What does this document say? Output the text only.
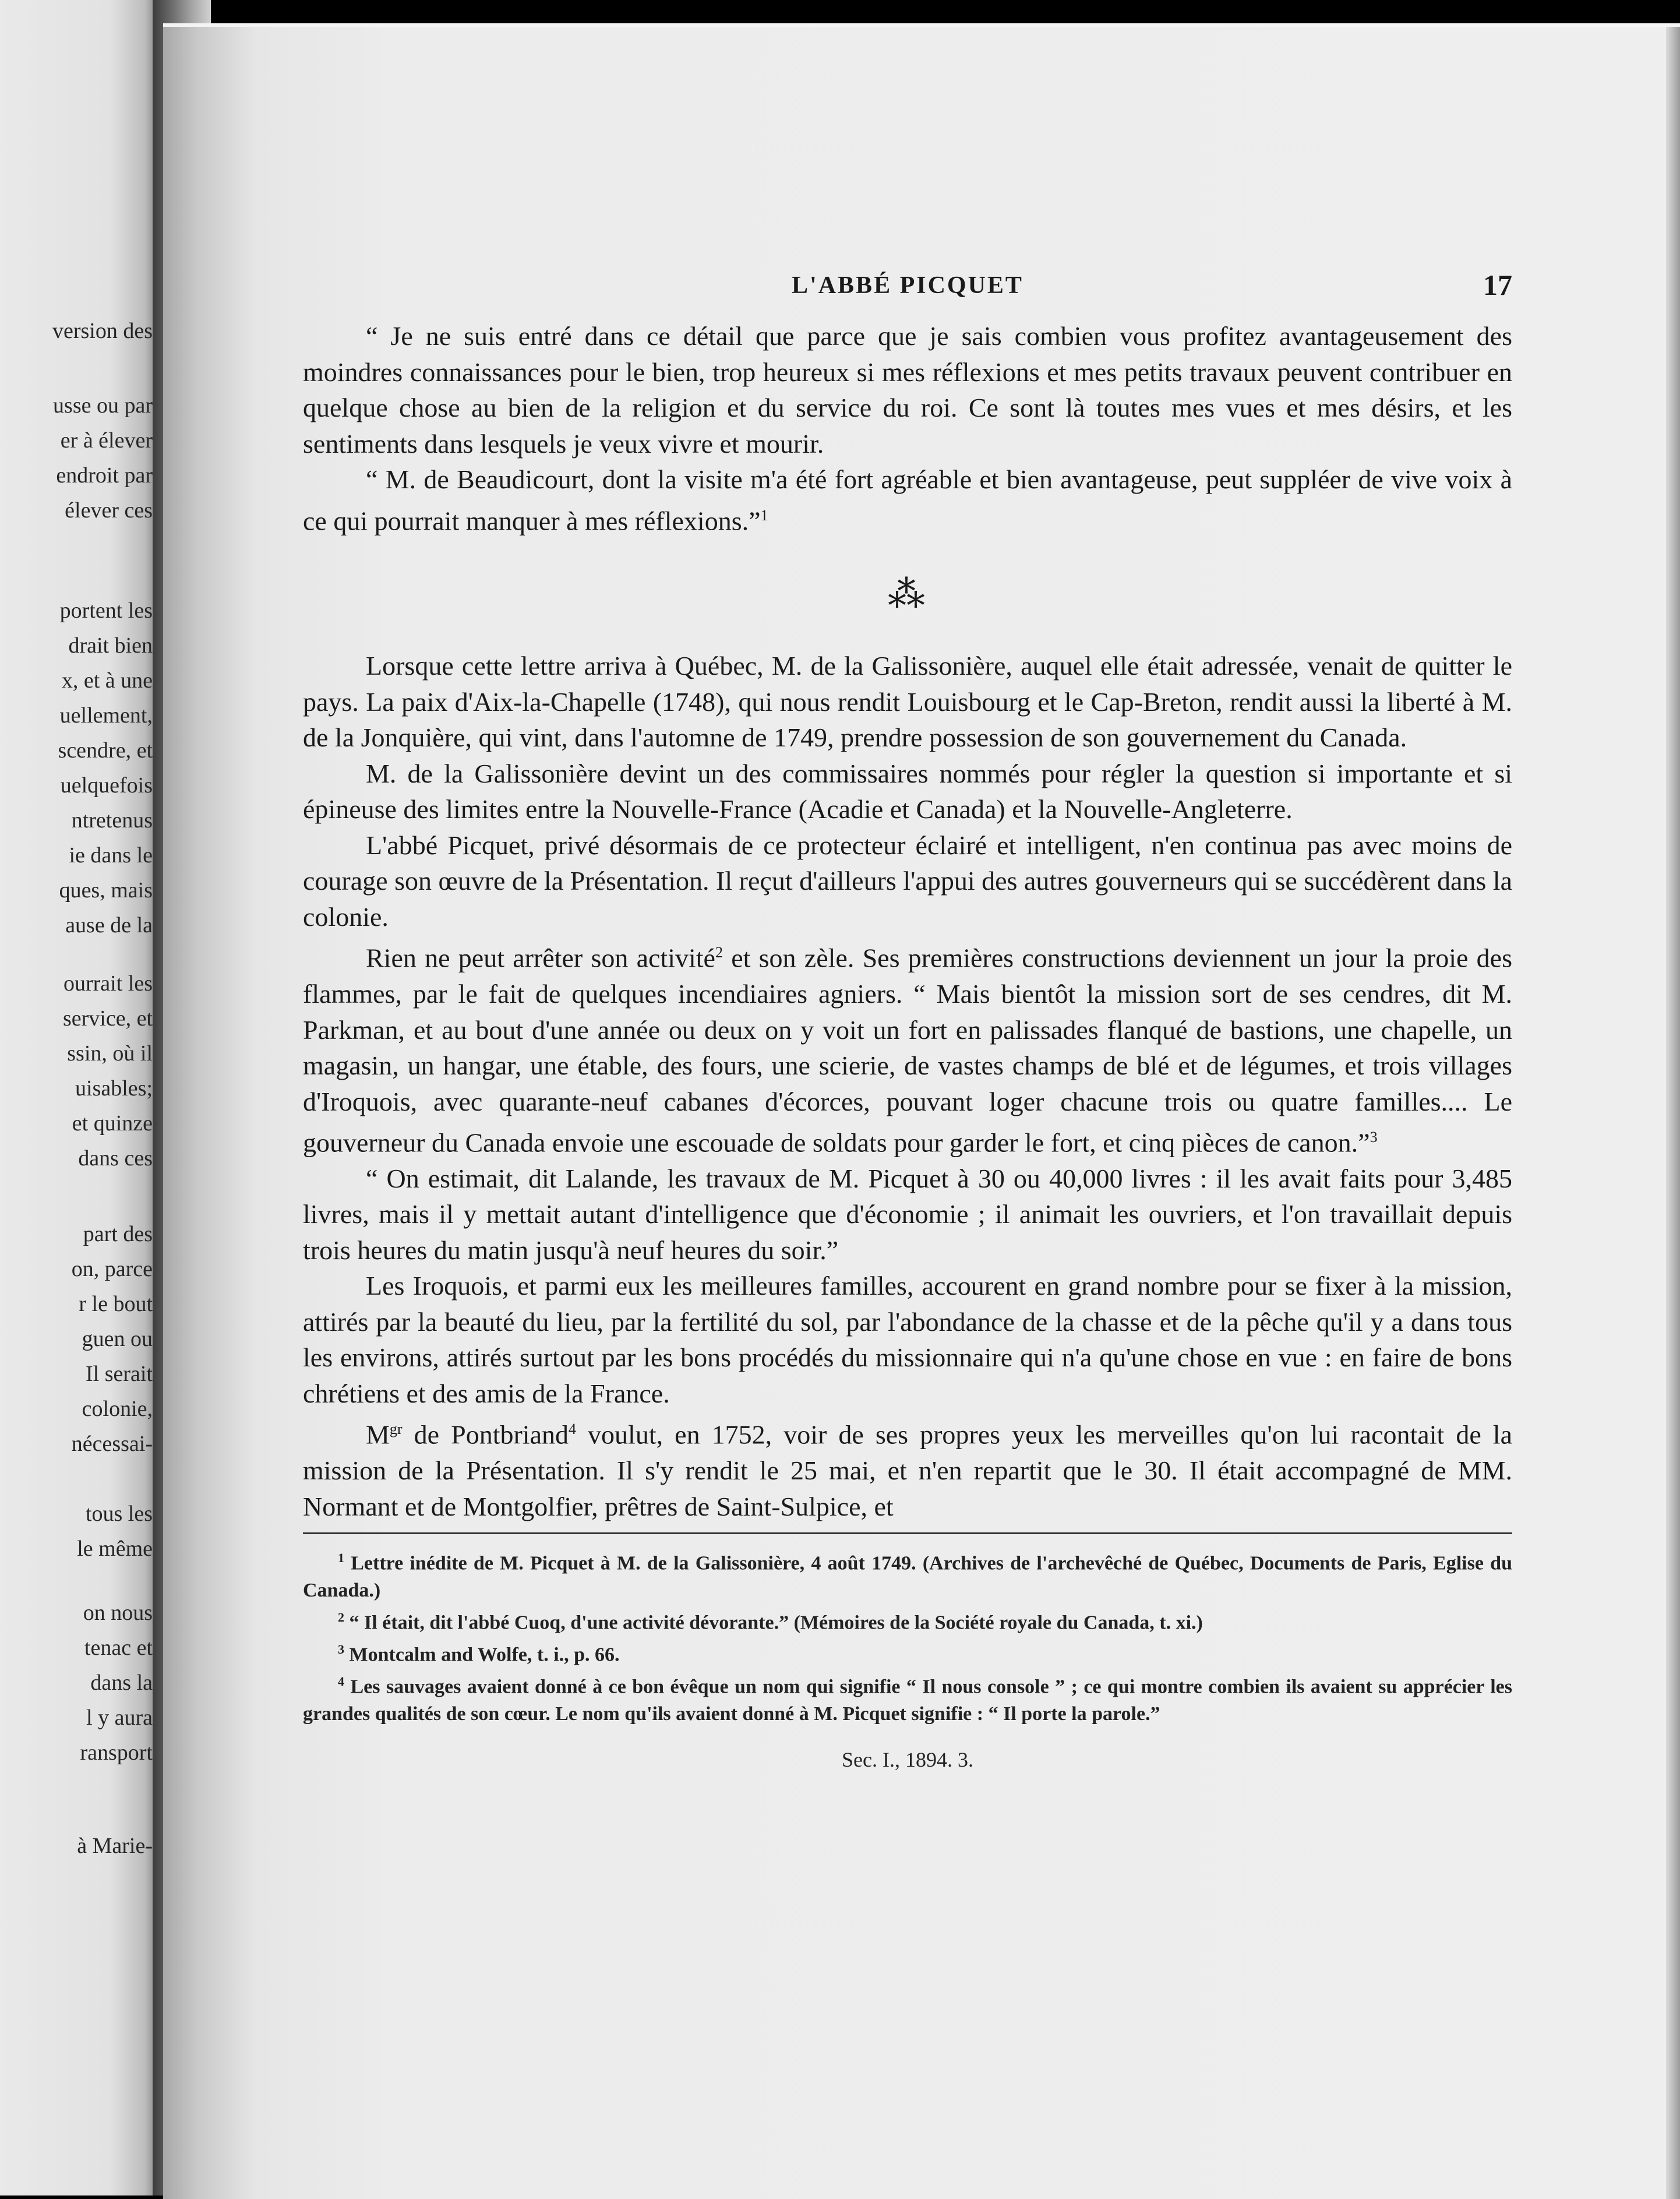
version des
usse ou par
er à élever
endroit par
élever ces
portent les
drait bien
x, et à une
uellement,
scendre, et
uelquefois
ntretenus
ie dans le
ques, mais
ause de la
ourrait les
service, et
ssin, où il
uisables;
et quinze
dans ces
part des
on, parce
r le bout
guen ou
Il serait
colonie,
nécessai-
tous les
le même
on nous
tenac et
dans la
l y aura
ransport
à Marie-
L'ABBÉ PICQUET	17

“ Je ne suis entré dans ce détail que parce que je sais combien vous profitez avantageusement des moindres connaissances pour le bien, trop heureux si mes réflexions et mes petits travaux peuvent contribuer en quelque chose au bien de la religion et du service du roi. Ce sont là toutes mes vues et mes désirs, et les sentiments dans lesquels je veux vivre et mourir.

“ M. de Beaudicourt, dont la visite m'a été fort agréable et bien avantageuse, peut suppléer de vive voix à ce qui pourrait manquer à mes réflexions.”$^1$

⁂

Lorsque cette lettre arriva à Québec, M. de la Galissonière, auquel elle était adressée, venait de quitter le pays. La paix d'Aix-la-Chapelle (1748), qui nous rendit Louisbourg et le Cap-Breton, rendit aussi la liberté à M. de la Jonquière, qui vint, dans l'automne de 1749, prendre possession de son gouvernement du Canada.

M. de la Galissonière devint un des commissaires nommés pour régler la question si importante et si épineuse des limites entre la Nouvelle-France (Acadie et Canada) et la Nouvelle-Angleterre.

L'abbé Picquet, privé désormais de ce protecteur éclairé et intelligent, n'en continua pas avec moins de courage son œuvre de la Présentation. Il reçut d'ailleurs l'appui des autres gouverneurs qui se succédèrent dans la colonie.

Rien ne peut arrêter son activité$^2$ et son zèle. Ses premières constructions deviennent un jour la proie des flammes, par le fait de quelques incendiaires agniers. “ Mais bientôt la mission sort de ses cendres, dit M. Parkman, et au bout d'une année ou deux on y voit un fort en palissades flanqué de bastions, une chapelle, un magasin, un hangar, une étable, des fours, une scierie, de vastes champs de blé et de légumes, et trois villages d'Iroquois, avec quarante-neuf cabanes d'écorces, pouvant loger chacune trois ou quatre familles.... Le gouverneur du Canada envoie une escouade de soldats pour garder le fort, et cinq pièces de canon.”$^3$

“ On estimait, dit Lalande, les travaux de M. Picquet à 30 ou 40,000 livres : il les avait faits pour 3,485 livres, mais il y mettait autant d'intelligence que d'économie ; il animait les ouvriers, et l'on travaillait depuis trois heures du matin jusqu'à neuf heures du soir.”

Les Iroquois, et parmi eux les meilleures familles, accourent en grand nombre pour se fixer à la mission, attirés par la beauté du lieu, par la fertilité du sol, par l'abondance de la chasse et de la pêche qu'il y a dans tous les environs, attirés surtout par les bons procédés du missionnaire qui n'a qu'une chose en vue : en faire de bons chrétiens et des amis de la France.

$M^{gr}$ de Pontbriand$^4$ voulut, en 1752, voir de ses propres yeux les merveilles qu'on lui racontait de la mission de la Présentation. Il s'y rendit le 25 mai, et n'en repartit que le 30. Il était accompagné de MM. Normant et de Montgolfier, prêtres de Saint-Sulpice, et

$^1$ Lettre inédite de M. Picquet à M. de la Galissonière, 4 août 1749. (Archives de l'archevêché de Québec, Documents de Paris, Eglise du Canada.)

$^2$ “ Il était, dit l'abbé Cuoq, d'une activité dévorante.” (Mémoires de la Société royale du Canada, t. xi.)

$^3$ Montcalm and Wolfe, t. i., p. 66.

$^4$ Les sauvages avaient donné à ce bon évêque un nom qui signifie “ Il nous console ” ; ce qui montre combien ils avaient su apprécier les grandes qualités de son cœur. Le nom qu'ils avaient donné à M. Picquet signifie : “ Il porte la parole.”

Sec. I., 1894. 3.
